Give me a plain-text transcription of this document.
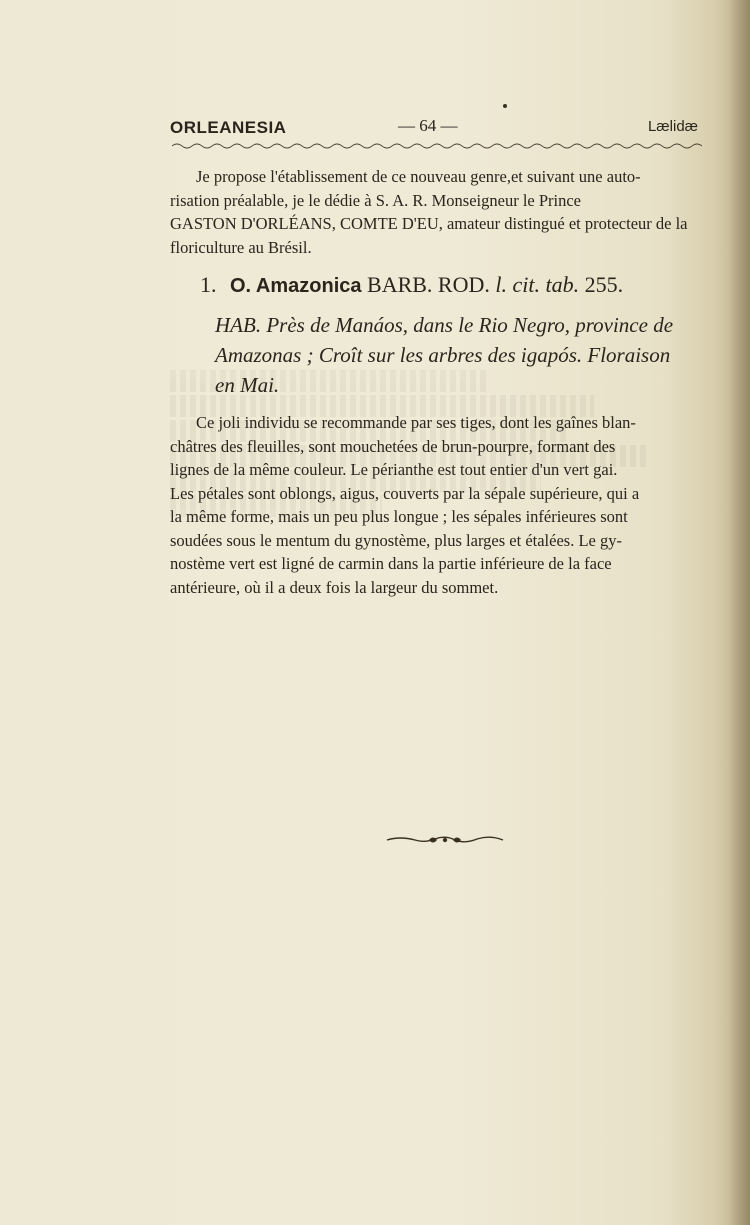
ORLEANESIA	— 64 —	Lælidæ
Je propose l'établissement de ce nouveau genre,et suivant une auto-
risation préalable, je le dédie à S. A. R. Monseigneur le Prince
GASTON D'ORLÉANS, COMTE D'EU, amateur distingué et protecteur de la
floriculture au Brésil.
1. O. Amazonica BARB. ROD. l. cit. tab. 255.
HAB. Près de Manáos, dans le Rio Negro, province de
Amazonas ; Croît sur les arbres des igapós. Floraison
en Mai.
Ce joli individu se recommande par ses tiges, dont les gaînes blan-
châtres des fleuilles, sont mouchetées de brun-pourpre, formant des
lignes de la même couleur. Le périanthe est tout entier d'un vert gai.
Les pétales sont oblongs, aigus, couverts par la sépale supérieure, qui a
la même forme, mais un peu plus longue ; les sépales inférieures sont
soudées sous le mentum du gynostème, plus larges et étalées. Le gy-
nostème vert est ligné de carmin dans la partie inférieure de la face
antérieure, où il a deux fois la largeur du sommet.
